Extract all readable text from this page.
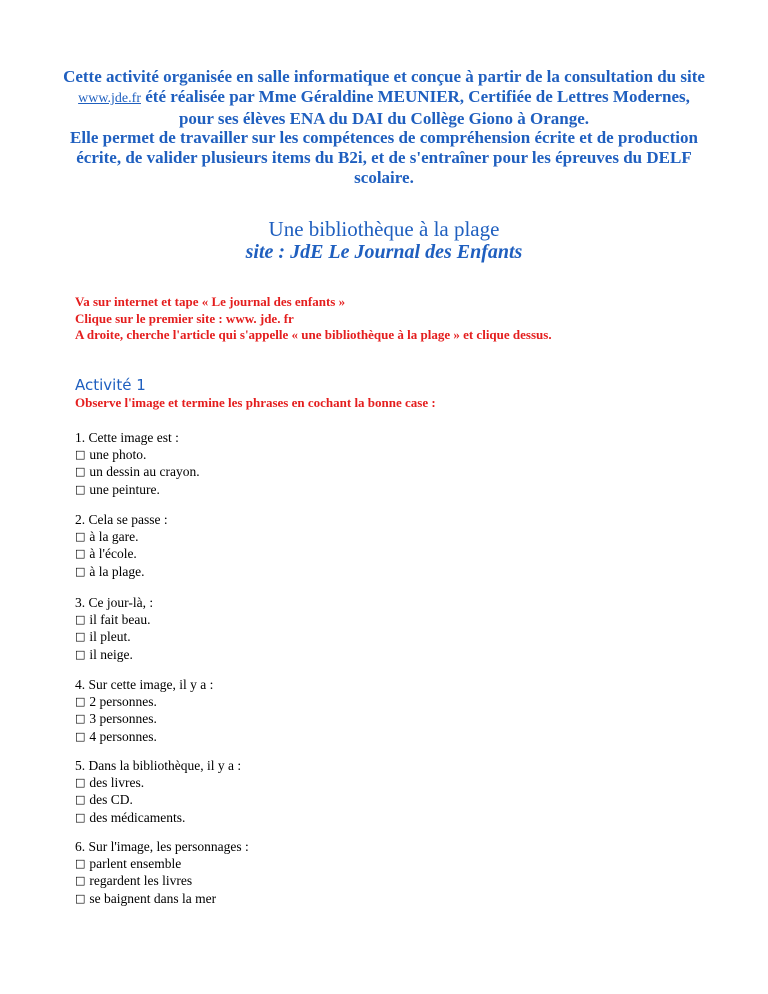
Cette activité organisée en salle informatique et conçue à partir de la consultation du site www.jde.fr été réalisée par Mme Géraldine MEUNIER, Certifiée de Lettres Modernes, pour ses élèves ENA du DAI du Collège Giono à Orange.
Elle permet de travailler sur les compétences de compréhension écrite et de production écrite, de valider plusieurs items du B2i, et de s'entraîner pour les épreuves du DELF scolaire.
Une bibliothèque à la plage
site : JdE Le Journal des Enfants
Va sur internet et tape « Le journal des enfants »
Clique sur le premier site : www. jde. fr
A droite, cherche l'article qui s'appelle « une bibliothèque à la plage » et clique dessus.
Activité 1
Observe l'image et termine les phrases en cochant la bonne case :
1. Cette image est :
□ une photo.
□ un dessin au crayon.
□ une peinture.
2. Cela se passe :
□ à la gare.
□ à l'école.
□ à la plage.
3. Ce jour-là, :
□ il fait beau.
□ il pleut.
□ il neige.
4. Sur cette image, il y a :
□ 2 personnes.
□ 3 personnes.
□ 4 personnes.
5. Dans la bibliothèque, il y a :
□ des livres.
□ des CD.
□ des médicaments.
6. Sur l'image, les personnages :
□ parlent ensemble
□ regardent les livres
□ se baignent dans la mer
